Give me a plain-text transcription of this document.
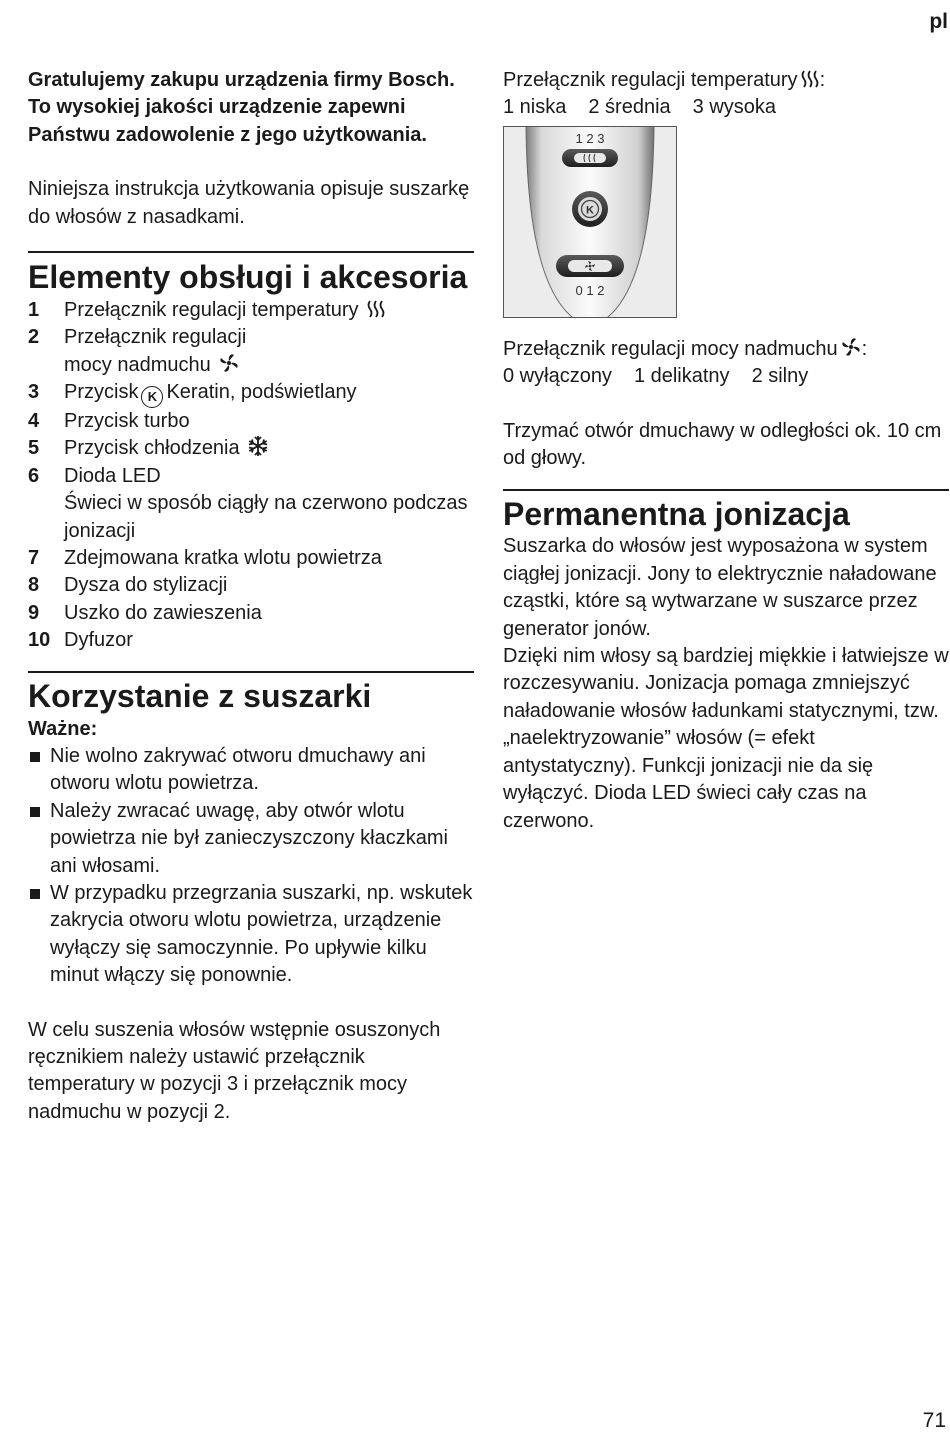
pl

Gratulujemy zakupu urządzenia firmy Bosch. To wysokiej jakości urządzenie zapewni Państwu zadowolenie z jego użytkowania.

Niniejsza instrukcja użytkowania opisuje suszarkę do włosów z nasadkami.

Elementy obsługi i akcesoria
1	Przełącznik regulacji temperatury
2	Przełącznik regulacji
mocy nadmuchu
3	Przycisk K Keratin, podświetlany
4	Przycisk turbo
5	Przycisk chłodzenia
6	Dioda LED
Świeci w sposób ciągły na czerwono podczas jonizacji
7	Zdejmowana kratka wlotu powietrza
8	Dysza do stylizacji
9	Uszko do zawieszenia
10 Dyfuzor
Korzystanie z suszarki

Ważne:

Nie wolno zakrywać otworu dmuchawy ani otworu wlotu powietrza.
Należy zwracać uwagę, aby otwór wlotu powietrza nie był zanieczyszczony kłaczkami ani włosami.
W przypadku przegrzania suszarki, np. wskutek zakrycia otworu wlotu powietrza, urządzenie wyłączy się samoczynnie. Po upływie kilku minut włączy się ponownie.

W celu suszenia włosów wstępnie osuszonych ręcznikiem należy ustawić przełącznik temperatury w pozycji 3 i przełącznik mocy nadmuchu w pozycji 2.

Przełącznik regulacji temperatury :

1 niska 2 średnia 3 wysoka

1 2 3
K
0 1 2

Przełącznik regulacji mocy nadmuchu :

0 wyłączony 1 delikatny 2 silny

Trzymać otwór dmuchawy w odległości ok. 10 cm od głowy.

Permanentna jonizacja

Suszarka do włosów jest wyposażona w system ciągłej jonizacji. Jony to elektrycznie naładowane cząstki, które są wytwarzane w suszarce przez generator jonów.

Dzięki nim włosy są bardziej miękkie i łatwiejsze w rozczesywaniu. Jonizacja pomaga zmniejszyć naładowanie włosów ładunkami statycznymi, tzw. „naelektryzowanie” włosów (= efekt antystatyczny). Funkcji jonizacji nie da się wyłączyć. Dioda LED świeci cały czas na czerwono.

71
